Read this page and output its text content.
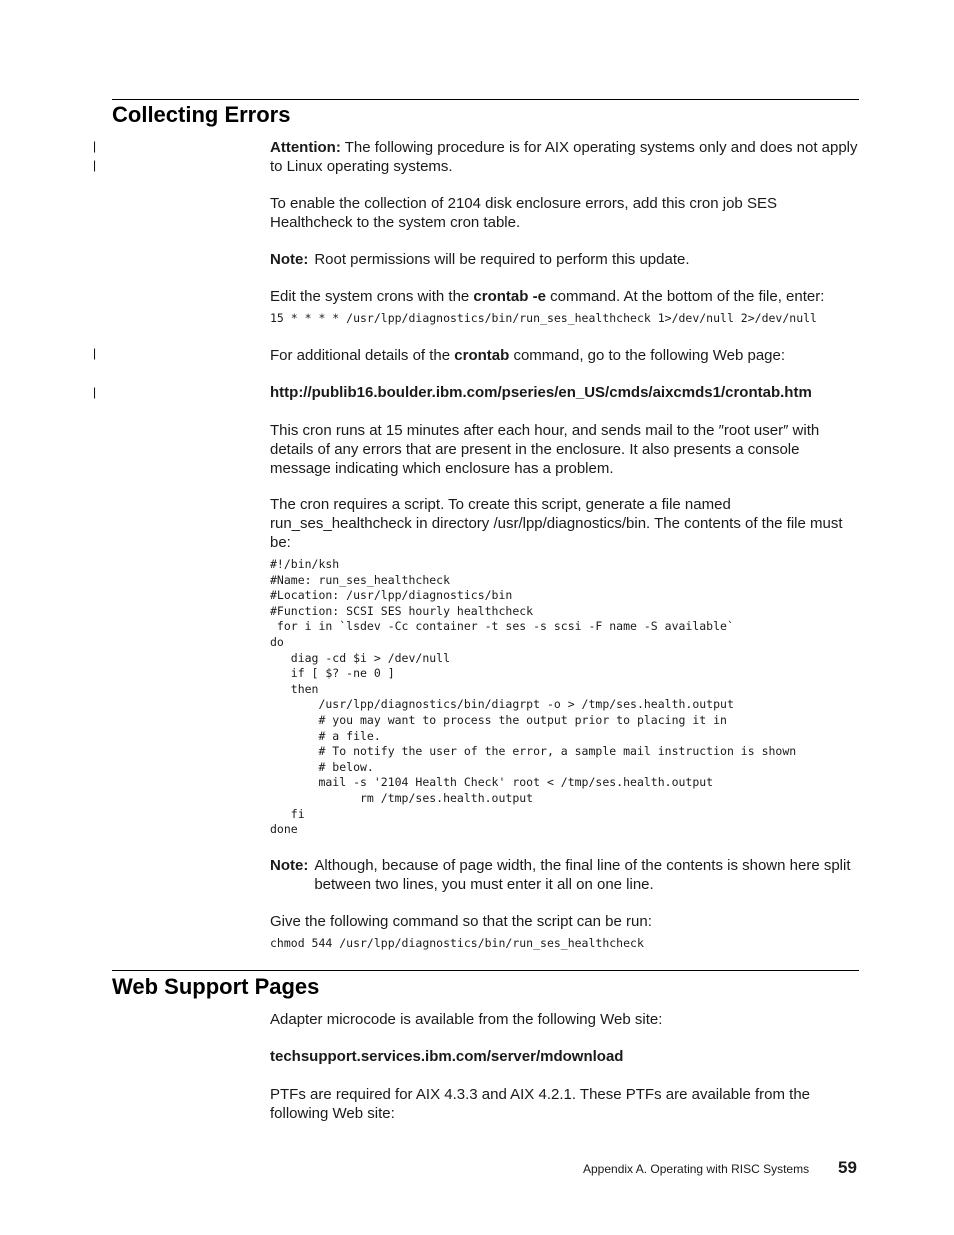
Collecting Errors
|
|
|
|

Attention: The following procedure is for AIX operating systems only and does not apply to Linux operating systems.

To enable the collection of 2104 disk enclosure errors, add this cron job SES Healthcheck to the system cron table.

Note: Root permissions will be required to perform this update.

Edit the system crons with the crontab -e command. At the bottom of the file, enter:

15 * * * * /usr/lpp/diagnostics/bin/run_ses_healthcheck 1>/dev/null 2>/dev/null

For additional details of the crontab command, go to the following Web page:

http://publib16.boulder.ibm.com/pseries/en_US/cmds/aixcmds1/crontab.htm

This cron runs at 15 minutes after each hour, and sends mail to the ″root user″ with details of any errors that are present in the enclosure. It also presents a console message indicating which enclosure has a problem.

The cron requires a script. To create this script, generate a file named run_ses_healthcheck in directory /usr/lpp/diagnostics/bin. The contents of the file must be:

#!/bin/ksh
#Name: run_ses_healthcheck
#Location: /usr/lpp/diagnostics/bin
#Function: SCSI SES hourly healthcheck
for i in `lsdev -Cc container -t ses -s scsi -F name -S available`
do
diag -cd $i > /dev/null
if [ $? -ne 0 ]
then
/usr/lpp/diagnostics/bin/diagrpt -o > /tmp/ses.health.output
# you may want to process the output prior to placing it in
# a file.
# To notify the user of the error, a sample mail instruction is shown
# below.
mail -s '2104 Health Check' root < /tmp/ses.health.output
rm /tmp/ses.health.output
fi
done
Note: Although, because of page width, the final line of the contents is shown here split between two lines, you must enter it all on one line.

Give the following command so that the script can be run:

chmod 544 /usr/lpp/diagnostics/bin/run_ses_healthcheck
Web Support Pages

Adapter microcode is available from the following Web site:

techsupport.services.ibm.com/server/mdownload

PTFs are required for AIX 4.3.3 and AIX 4.2.1. These PTFs are available from the following Web site:

Appendix A. Operating with RISC Systems 59
